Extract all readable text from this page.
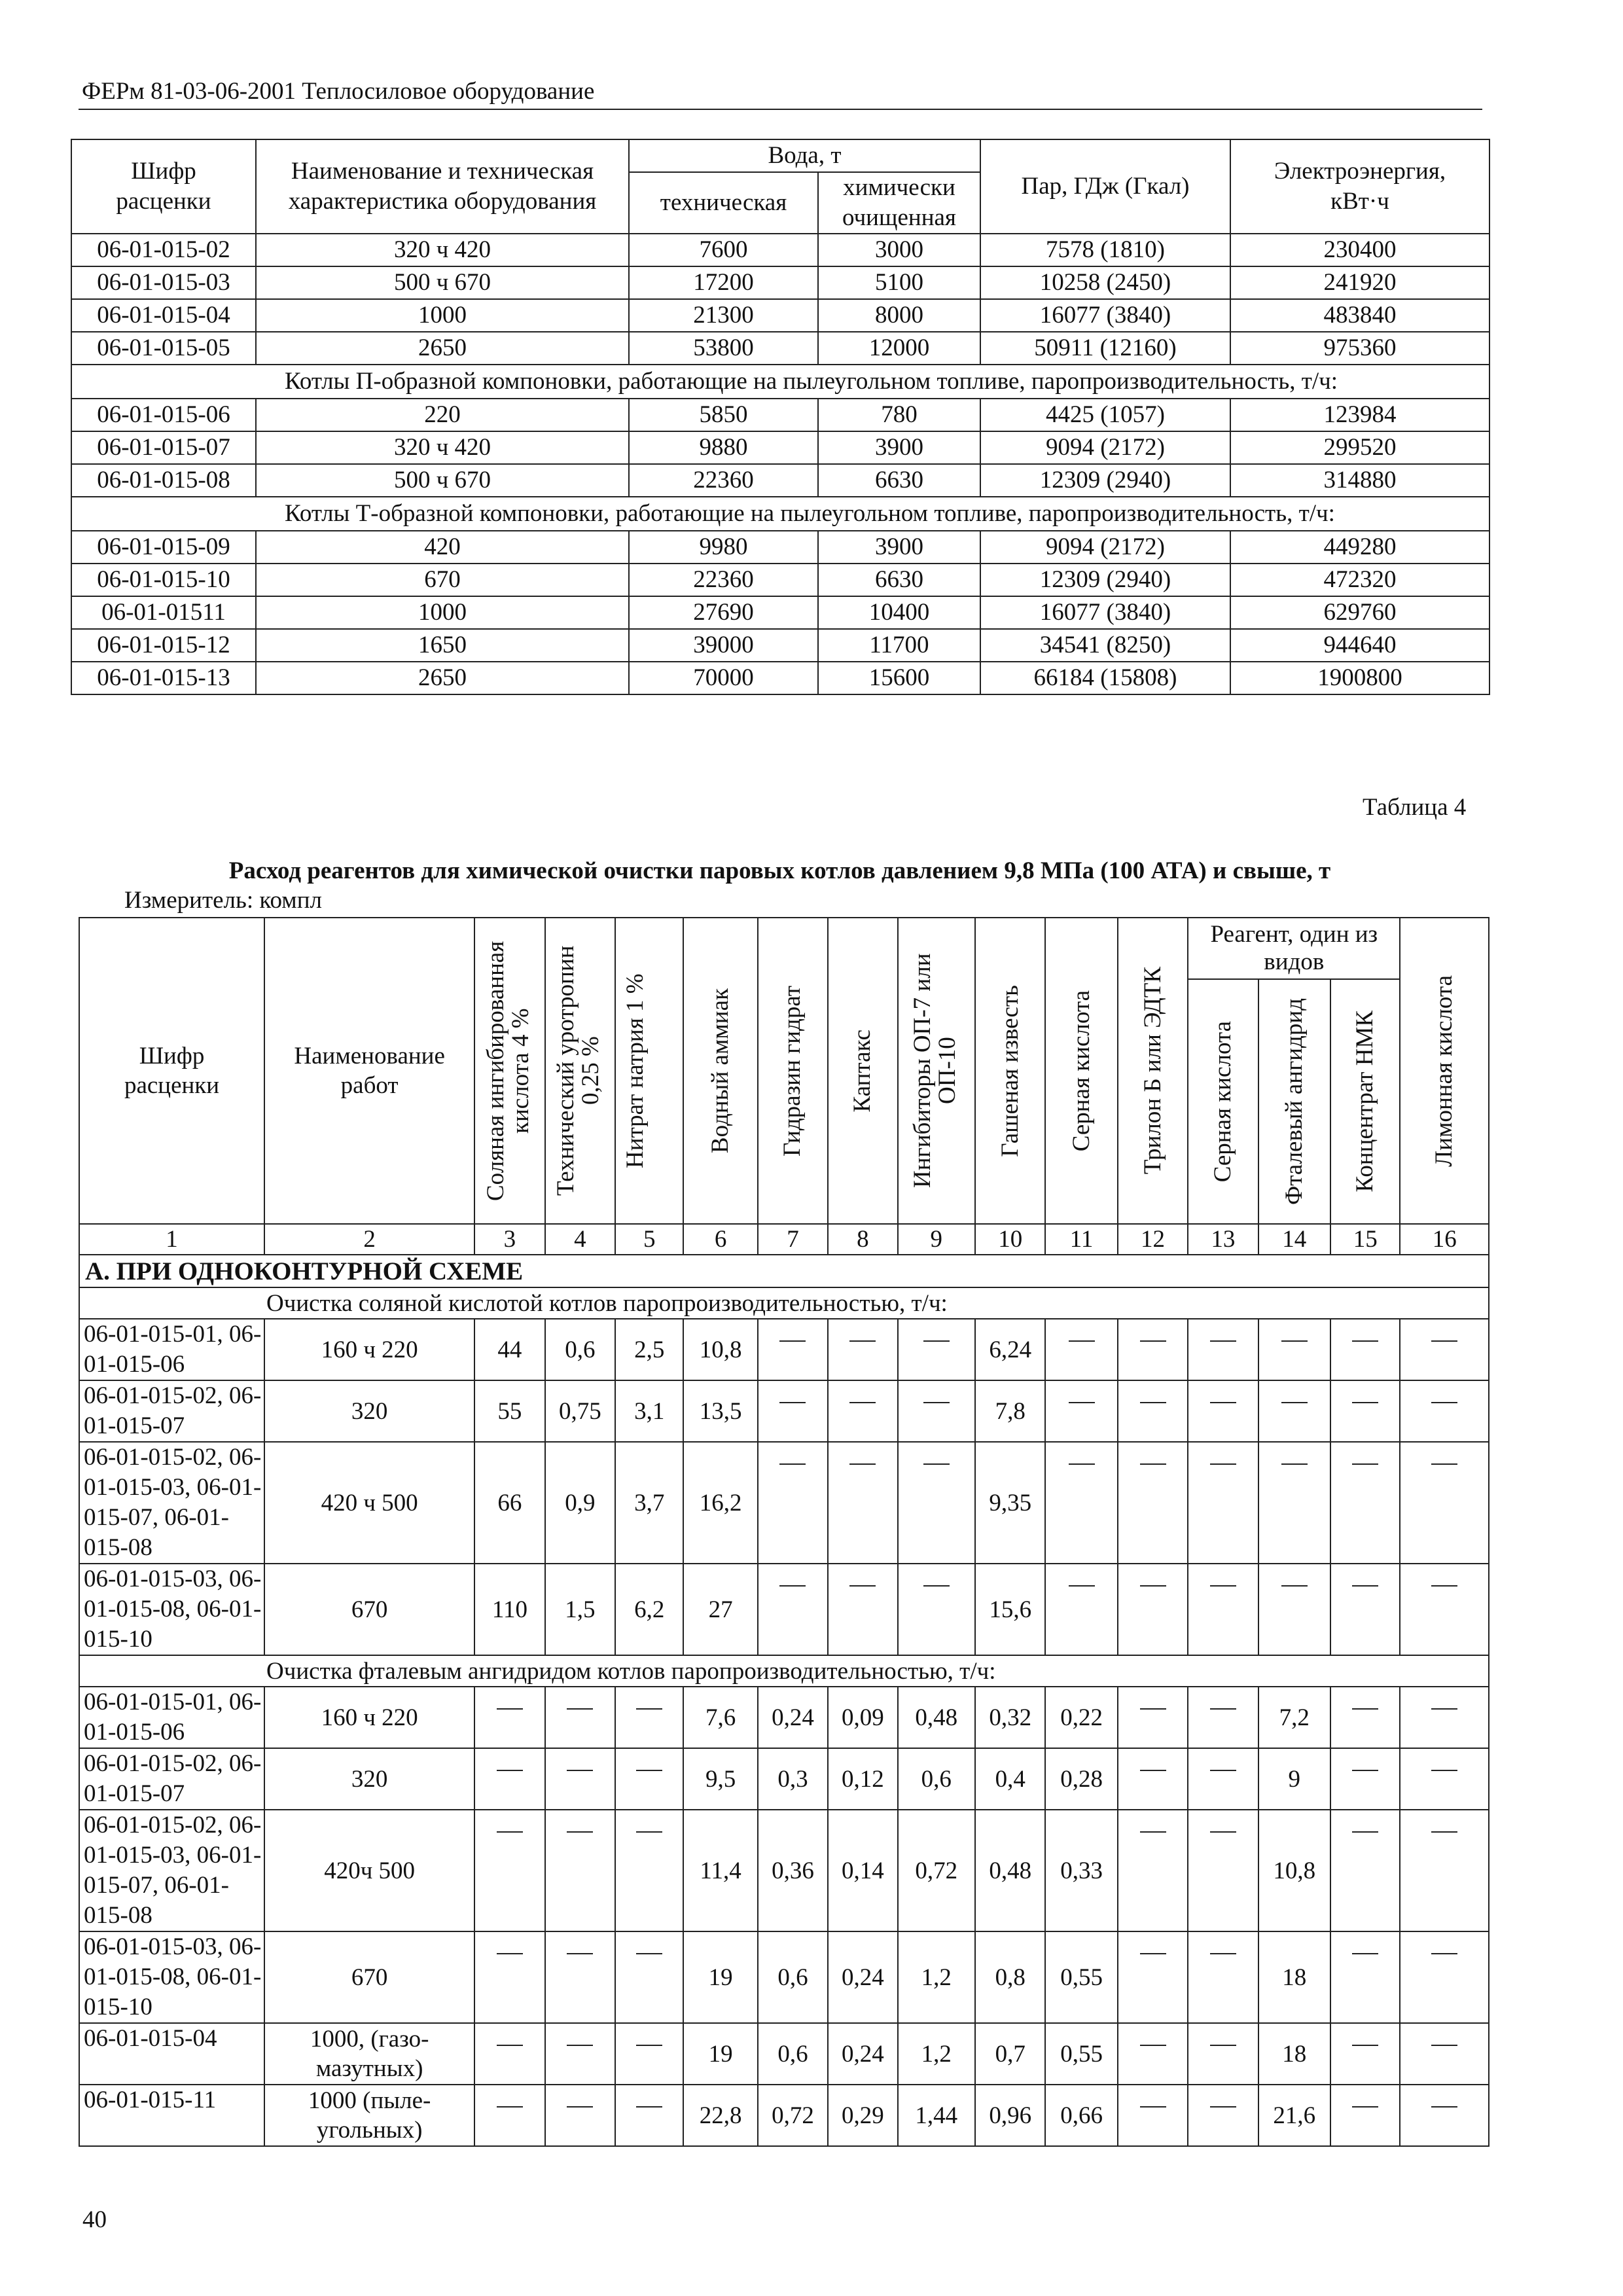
ФЕРм 81-03-06-2001 Теплосиловое оборудование
Шифр расценки	Наименование и техническая характеристика оборудования	Вода, т		Пар, ГДж (Гкал)	Электроэнергия, кВт·ч
		техническая	химически очищенная		
06-01-015-02	320 ч 420	7600	3000	7578 (1810)	230400
06-01-015-03	500 ч 670	17200	5100	10258 (2450)	241920
06-01-015-04	1000	21300	8000	16077 (3840)	483840
06-01-015-05	2650	53800	12000	50911 (12160)	975360
Котлы П-образной компоновки, работающие на пылеугольном топливе, паропроизводительность, т/ч:					
06-01-015-06	220	5850	780	4425 (1057)	123984
06-01-015-07	320 ч 420	9880	3900	9094 (2172)	299520
06-01-015-08	500 ч 670	22360	6630	12309 (2940)	314880
Котлы Т-образной компоновки, работающие на пылеугольном топливе, паропроизводительность, т/ч:					
06-01-015-09	420	9980	3900	9094 (2172)	449280
06-01-015-10	670	22360	6630	12309 (2940)	472320
06-01-01511	1000	27690	10400	16077 (3840)	629760
06-01-015-12	1650	39000	11700	34541 (8250)	944640
06-01-015-13	2650	70000	15600	66184 (15808)	1900800
Таблица 4
Расход реагентов для химической очистки паровых котлов давлением 9,8 МПа (100 АТА) и свыше, т
Измеритель: компл
Шифр расценки	Наименование работ	Соляная ингибированная кислота 4 %	Технический уротропин 0,25 %	Нитрат натрия 1 %	Водный аммиак	Гидразин гидрат	Каптакс	Ингибиторы ОП-7 или ОП-10	Гашеная известь	Серная кислота	Трилон Б или ЭДТК	Реагент, один из видов			Лимонная кислота

												Серная кислота	Фталевый ангидрид	Концентрат НМК	

1	2	3	4	5	6	7	8	9	10	11	12	13	14	15	16
А. ПРИ ОДНОКОНТУРНОЙ СХЕМЕ															
Очистка соляной кислотой котлов паропроизводительностью, т/ч:															
06-01-015-01, 06-01-015-06	160 ч 220	44	0,6	2,5	10,8				6,24						
06-01-015-02, 06-01-015-07	320	55	0,75	3,1	13,5				7,8						
06-01-015-02, 06-01-015-03, 06-01-015-07, 06-01-015-08	420 ч 500	66	0,9	3,7	16,2				9,35						
06-01-015-03, 06-01-015-08, 06-01-015-10	670	110	1,5	6,2	27				15,6						
Очистка фталевым ангидридом котлов паропроизводительностью, т/ч:															
06-01-015-01, 06-01-015-06	160 ч 220				7,6	0,24	0,09	0,48	0,32	0,22			7,2		
06-01-015-02, 06-01-015-07	320				9,5	0,3	0,12	0,6	0,4	0,28			9		
06-01-015-02, 06-01-015-03, 06-01-015-07, 06-01-015-08	420ч 500				11,4	0,36	0,14	0,72	0,48	0,33			10,8		
06-01-015-03, 06-01-015-08, 06-01-015-10	670				19	0,6	0,24	1,2	0,8	0,55			18		
06-01-015-04	1000, (газо-мазутных)				19	0,6	0,24	1,2	0,7	0,55			18		
06-01-015-11	1000 (пыле-угольных)				22,8	0,72	0,29	1,44	0,96	0,66			21,6		
40
